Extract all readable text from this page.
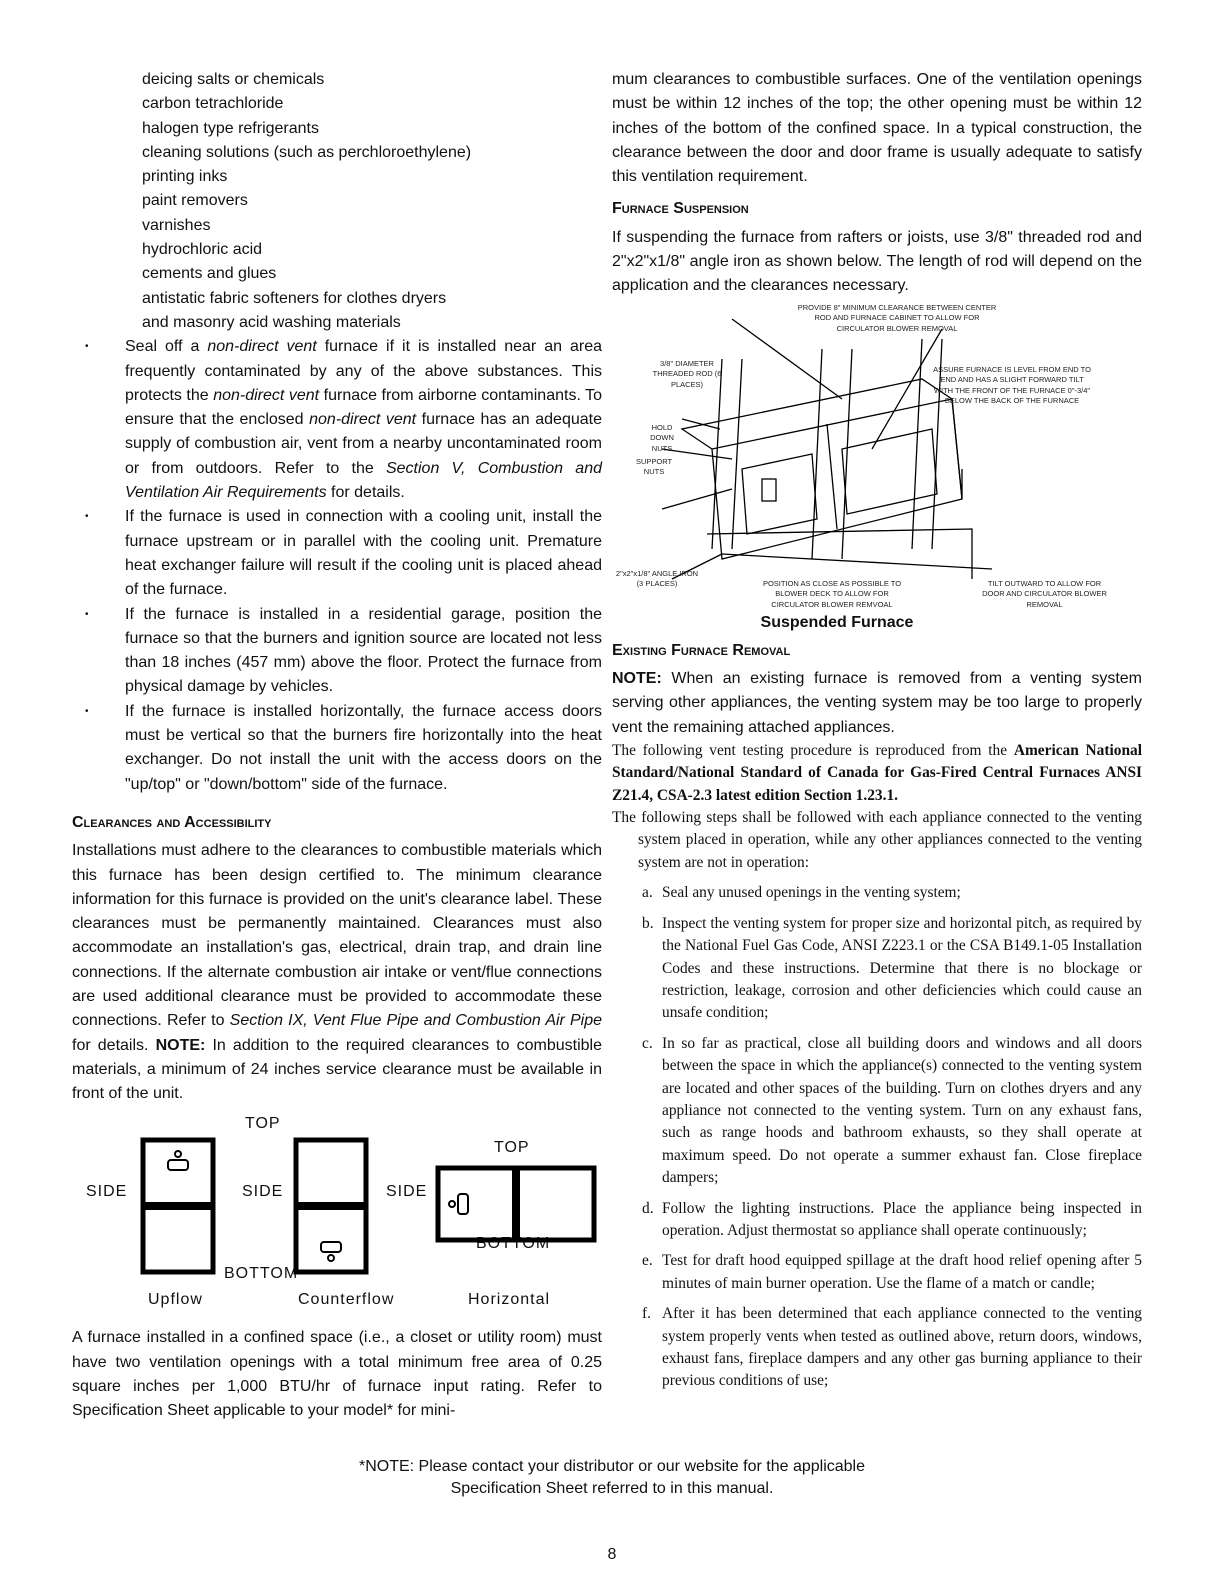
deicing salts or chemicals
carbon tetrachloride
halogen type refrigerants
cleaning solutions (such as perchloroethylene)
printing inks
paint removers
varnishes
hydrochloric acid
cements and glues
antistatic fabric softeners for clothes dryers
and masonry acid washing materials
• Seal off a non-direct vent furnace if it is installed near an area frequently contaminated by any of the above substances. This protects the non-direct vent furnace from airborne contaminants. To ensure that the enclosed non-direct vent furnace has an adequate supply of combustion air, vent from a nearby uncontaminated room or from outdoors. Refer to the Section V, Combustion and Ventilation Air Requirements for details.
• If the furnace is used in connection with a cooling unit, install the furnace upstream or in parallel with the cooling unit. Premature heat exchanger failure will result if the cooling unit is placed ahead of the furnace.
• If the furnace is installed in a residential garage, position the furnace so that the burners and ignition source are located not less than 18 inches (457 mm) above the floor. Protect the furnace from physical damage by vehicles.
• If the furnace is installed horizontally, the furnace access doors must be vertical so that the burners fire horizontally into the heat exchanger. Do not install the unit with the access doors on the "up/top" or "down/bottom" side of the furnace.
Clearances and Accessibility

Installations must adhere to the clearances to combustible materials which this furnace has been design certified to. The minimum clearance information for this furnace is provided on the unit's clearance label. These clearances must be permanently maintained. Clearances must also accommodate an installation's gas, electrical, drain trap, and drain line connections. If the alternate combustion air intake or vent/flue connections are used additional clearance must be provided to accommodate these connections. Refer to Section IX, Vent Flue Pipe and Combustion Air Pipe for details. NOTE: In addition to the required clearances to combustible materials, a minimum of 24 inches service clearance must be available in front of the unit.

TOP
TOP
SIDE	SIDE	SIDE
BOTTOM
BOTTOM
Upflow	Counterflow	Horizontal

A furnace installed in a confined space (i.e., a closet or utility room) must have two ventilation openings with a total minimum free area of 0.25 square inches per 1,000 BTU/hr of furnace input rating. Refer to Specification Sheet applicable to your model* for mini-

mum clearances to combustible surfaces. One of the ventilation openings must be within 12 inches of the top; the other opening must be within 12 inches of the bottom of the confined space. In a typical construction, the clearance between the door and door frame is usually adequate to satisfy this ventilation requirement.

Furnace Suspension

If suspending the furnace from rafters or joists, use 3/8" threaded rod and 2"x2"x1/8" angle iron as shown below. The length of rod will depend on the application and the clearances necessary.

PROVIDE 8" MINIMUM CLEARANCE BETWEEN CENTER ROD AND FURNACE CABINET TO ALLOW FOR CIRCULATOR BLOWER REMOVAL
3/8" DIAMETER THREADED ROD (6 PLACES)
ASSURE FURNACE IS LEVEL FROM END TO END AND HAS A SLIGHT FORWARD TILT WITH THE FRONT OF THE FURNACE 0"-3/4" BELOW THE BACK OF THE FURNACE
HOLD DOWN NUTS
SUPPORT NUTS
2"x2"x1/8" ANGLE IRON (3 PLACES)	POSITION AS CLOSE AS POSSIBLE TO BLOWER DECK TO ALLOW FOR CIRCULATOR BLOWER REMVOAL
TILT OUTWARD TO ALLOW FOR DOOR AND CIRCULATOR BLOWER REMOVAL
Suspended Furnace
Existing Furnace Removal

NOTE: When an existing furnace is removed from a venting system serving other appliances, the venting system may be too large to properly vent the remaining attached appliances.

The following vent testing procedure is reproduced from the American National Standard/National Standard of Canada for Gas-Fired Central Furnaces ANSI Z21.4, CSA-2.3 latest edition Section 1.23.1.

The following steps shall be followed with each appliance connected to the venting system placed in operation, while any other appliances connected to the venting system are not in operation:

a. Seal any unused openings in the venting system;
b. Inspect the venting system for proper size and horizontal pitch, as required by the National Fuel Gas Code, ANSI Z223.1 or the CSA B149.1-05 Installation Codes and these instructions. Determine that there is no blockage or restriction, leakage, corrosion and other deficiencies which could cause an unsafe condition;
c. In so far as practical, close all building doors and windows and all doors between the space in which the appliance(s) connected to the venting system are located and other spaces of the building. Turn on clothes dryers and any appliance not connected to the venting system. Turn on any exhaust fans, such as range hoods and bathroom exhausts, so they shall operate at maximum speed. Do not operate a summer exhaust fan. Close fireplace dampers;
d. Follow the lighting instructions. Place the appliance being inspected in operation. Adjust thermostat so appliance shall operate continuously;
e. Test for draft hood equipped spillage at the draft hood relief opening after 5 minutes of main burner operation. Use the flame of a match or candle;
f. After it has been determined that each appliance connected to the venting system properly vents when tested as outlined above, return doors, windows, exhaust fans, fireplace dampers and any other gas burning appliance to their previous conditions of use;
*NOTE: Please contact your distributor or our website for the applicable
Specification Sheet referred to in this manual.
8
